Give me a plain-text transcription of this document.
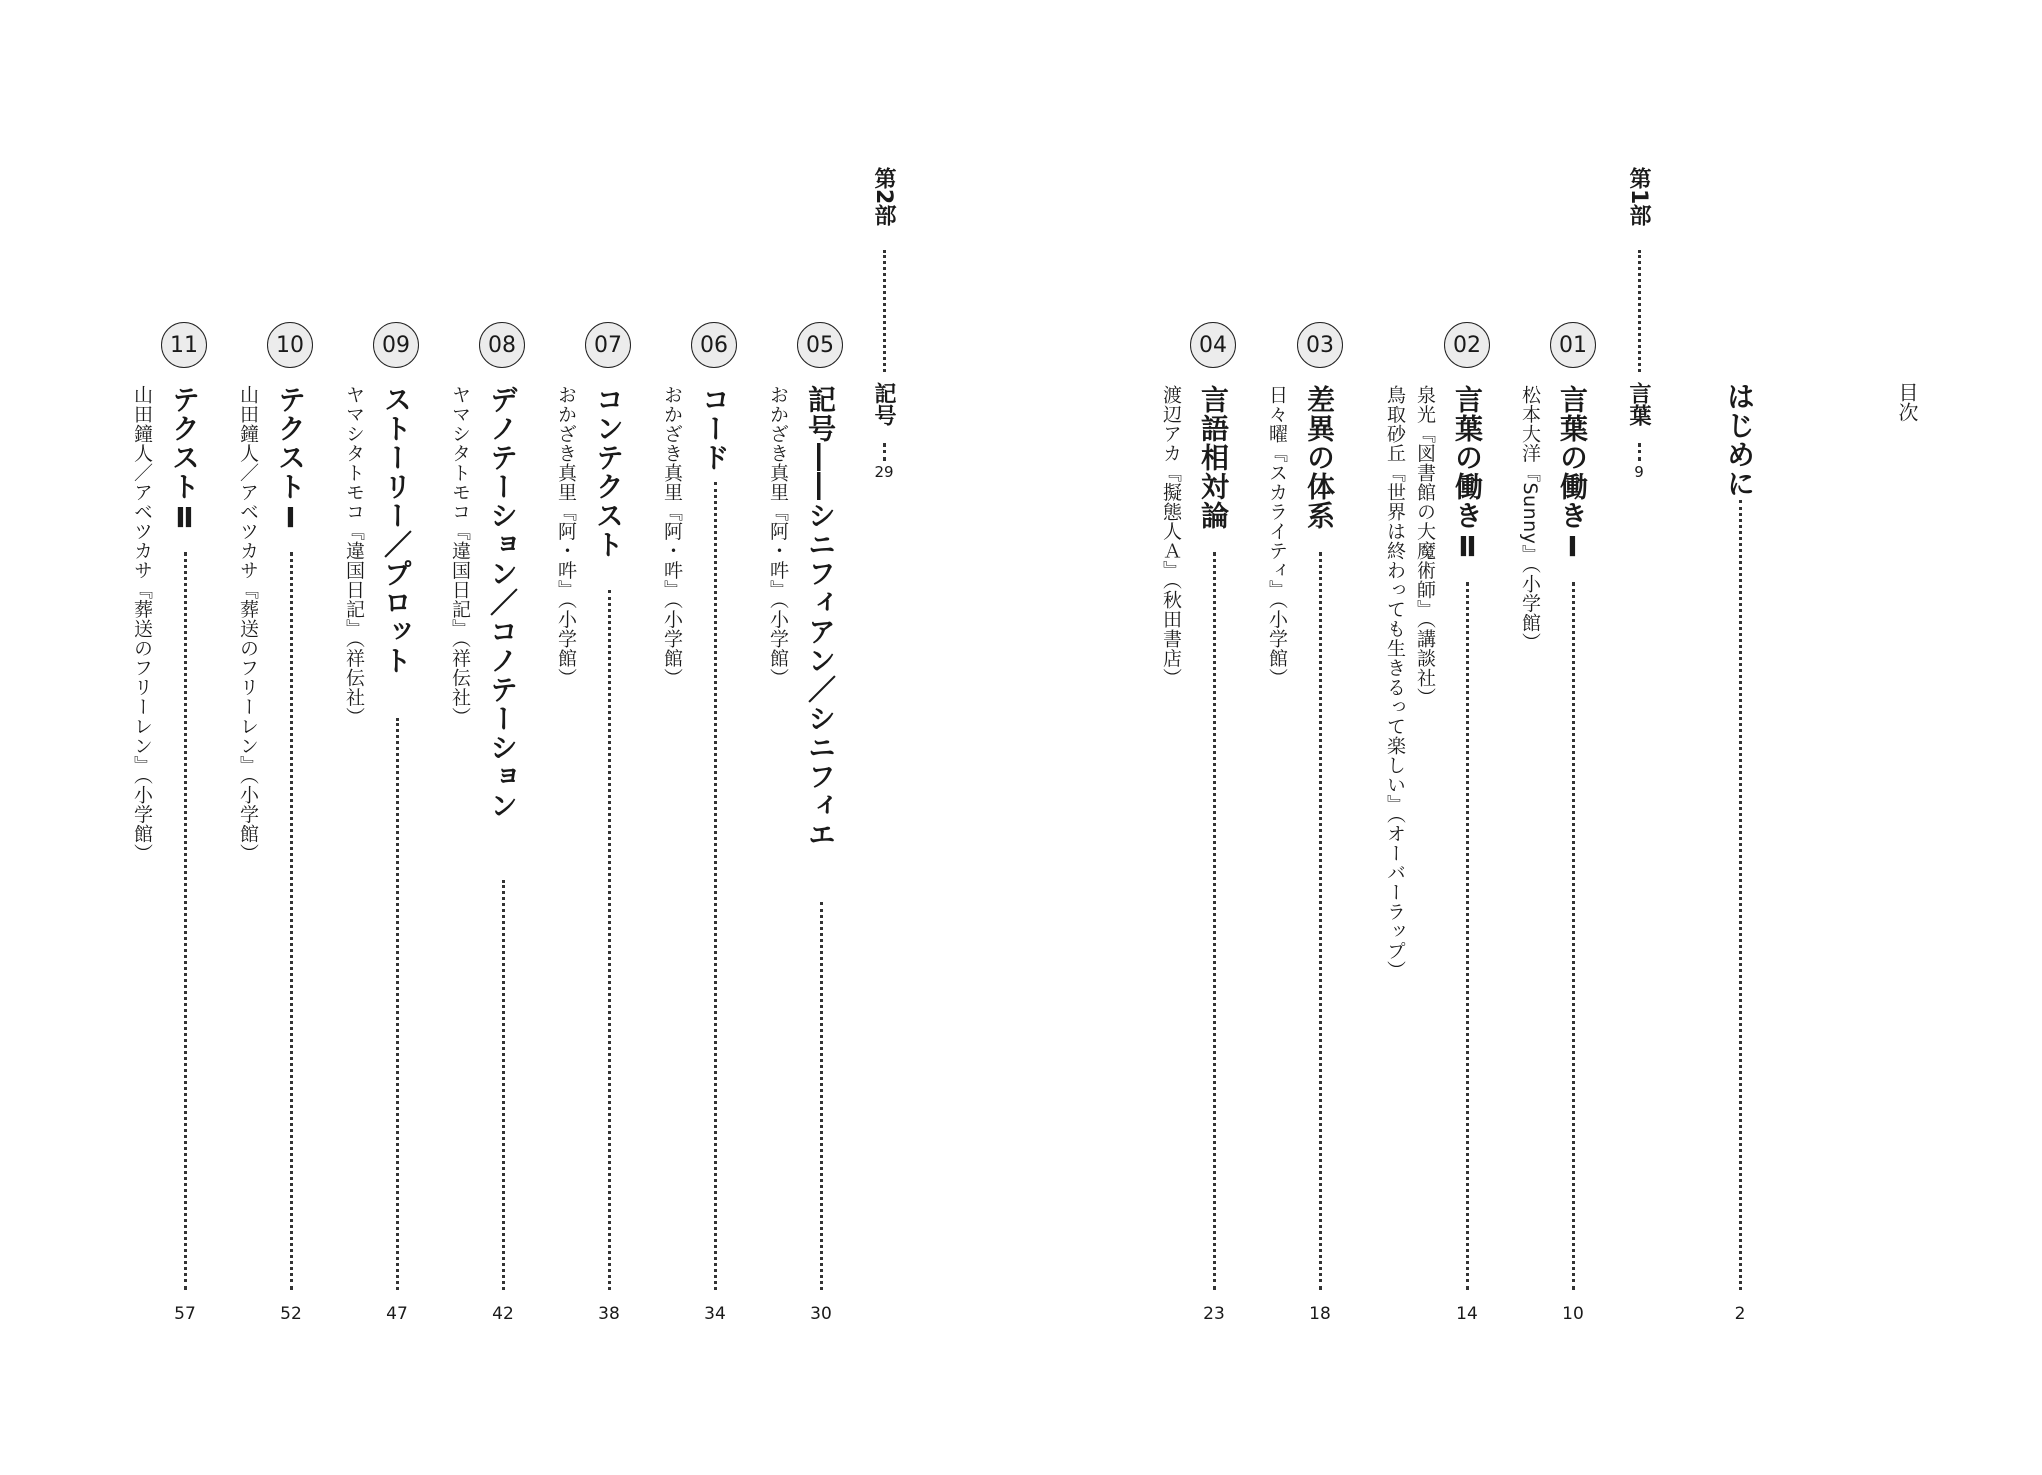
目次
はじめに
2
第1部
言葉
9
第2部
記号
29
01
言葉の働きⅠ
松本大洋『Sunny』（小学館）
10
02
言葉の働きⅡ
泉光『図書館の大魔術師』（講談社）
鳥取砂丘『世界は終わっても生きるって楽しい』（オーバーラップ）
14
03
差異の体系
日々曜『スカライティ』（小学館）
18
04
言語相対論
渡辺アカ『擬態人Ａ』（秋田書店）
23
05
記号――シニフィアン／シニフィエ
おかざき真里『阿・吽』（小学館）
30
06
コード
おかざき真里『阿・吽』（小学館）
34
07
コンテクスト
おかざき真里『阿・吽』（小学館）
38
08
デノテーション／コノテーション
ヤマシタトモコ『違国日記』（祥伝社）
42
09
ストーリー／プロット
ヤマシタトモコ『違国日記』（祥伝社）
47
10
テクストⅠ
山田鐘人／アベツカサ『葬送のフリーレン』（小学館）
52
11
テクストⅡ
山田鐘人／アベツカサ『葬送のフリーレン』（小学館）
57
